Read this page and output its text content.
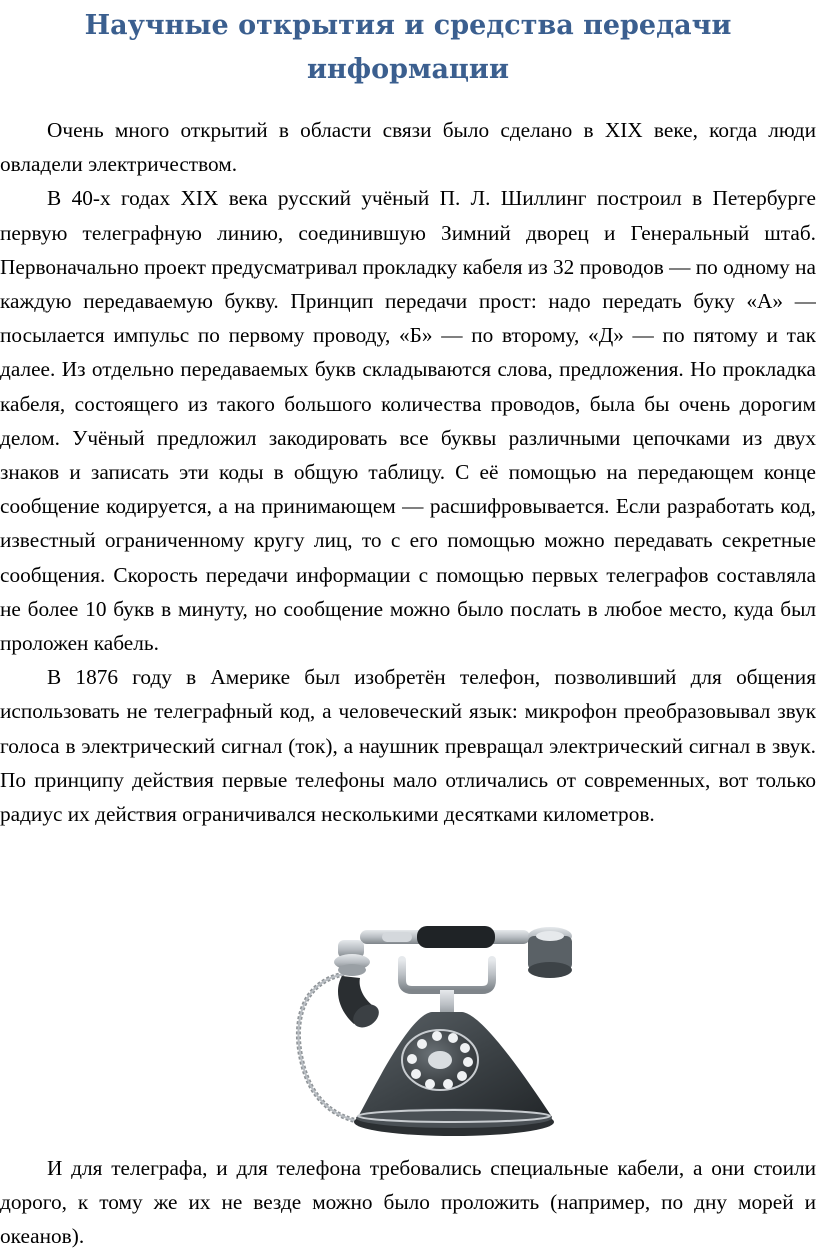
Научные открытия и средства передачи информации

Очень много открытий в области связи было сделано в XIX веке, когда люди овладели электричеством.

В 40-х годах XIX века русский учёный П. Л. Шиллинг построил в Петербурге первую телеграфную линию, соединившую Зимний дворец и Генеральный штаб. Первоначально проект предусматривал прокладку кабеля из 32 проводов — по одному на каждую передаваемую букву. Принцип передачи прост: надо передать буку «А» — посылается импульс по первому проводу, «Б» — по второму, «Д» — по пятому и так далее. Из отдельно передаваемых букв складываются слова, предложения. Но прокладка кабеля, состоящего из такого большого количества проводов, была бы очень дорогим делом. Учёный предложил закодировать все буквы различными цепочками из двух знаков и записать эти коды в общую таблицу. С её помощью на передающем конце сообщение кодируется, а на принимающем — расшифровывается. Если разработать код, известный ограниченному кругу лиц, то с его помощью можно передавать секретные сообщения. Скорость передачи информации с помощью первых телеграфов составляла не более 10 букв в минуту, но сообщение можно было послать в любое место, куда был проложен кабель.

В 1876 году в Америке был изобретён телефон, позволивший для общения использовать не телеграфный код, а человеческий язык: микрофон преобразовывал звук голоса в электрический сигнал (ток), а наушник превращал электрический сигнал в звук. По принципу действия первые телефоны мало отличались от современных, вот только радиус их действия ограничивался несколькими десятками километров.

И для телеграфа, и для телефона требовались специальные кабели, а они стоили дорого, к тому же их не везде можно было проложить (например, по дну морей и океанов).
